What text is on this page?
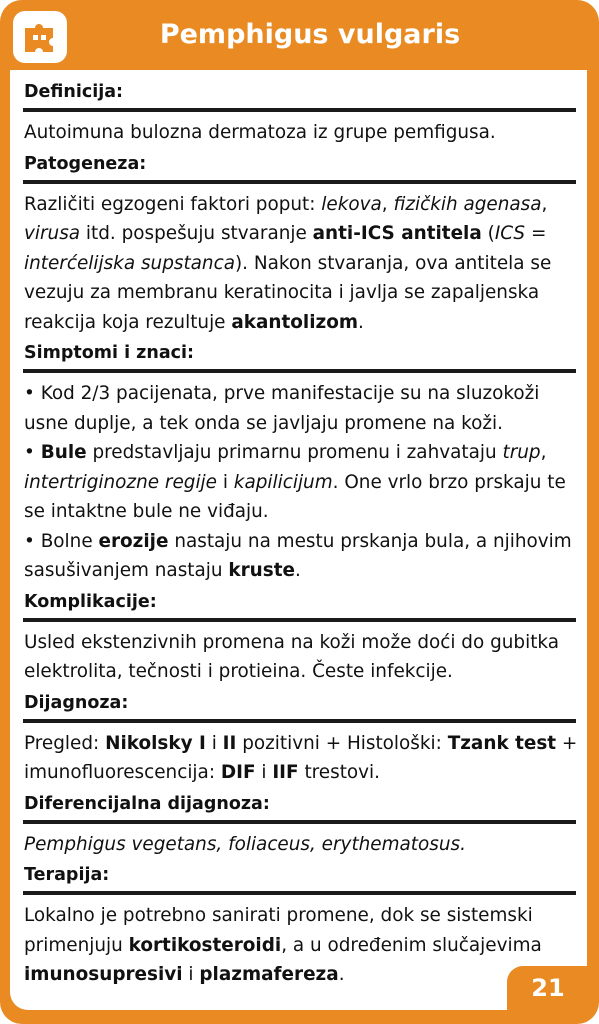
Pemphigus vulgaris
21
Definicija:

Autoimuna bulozna dermatoza iz grupe pemfigusa.

Patogeneza:

Različiti egzogeni faktori poput: lekova, fizičkih agenasa, virusa itd. pospešuju stvaranje anti-ICS antitela (ICS = interćelijska supstanca). Nakon stvaranja, ova antitela se vezuju za membranu keratinocita i javlja se zapaljenska reakcija koja rezultuje akantolizom.

Simptomi i znaci:

• Kod 2/3 pacijenata, prve manifestacije su na sluzokoži usne duplje, a tek onda se javljaju promene na koži.

• Bule predstavljaju primarnu promenu i zahvataju trup, intertriginozne regije i kapilicijum. One vrlo brzo prskaju te se intaktne bule ne viđaju.

• Bolne erozije nastaju na mestu prskanja bula, a njihovim sasušivanjem nastaju kruste.

Komplikacije:

Usled ekstenzivnih promena na koži može doći do gubitka elektrolita, tečnosti i protieina. Česte infekcije.

Dijagnoza:

Pregled: Nikolsky I i II pozitivni + Histološki: Tzank test + imunofluorescencija: DIF i IIF trestovi.

Diferencijalna dijagnoza:

Pemphigus vegetans, foliaceus, erythematosus.

Terapija:

Lokalno je potrebno sanirati promene, dok se sistemski primenjuju kortikosteroidi, a u određenim slučajevima imunosupresivi i plazmafereza.
